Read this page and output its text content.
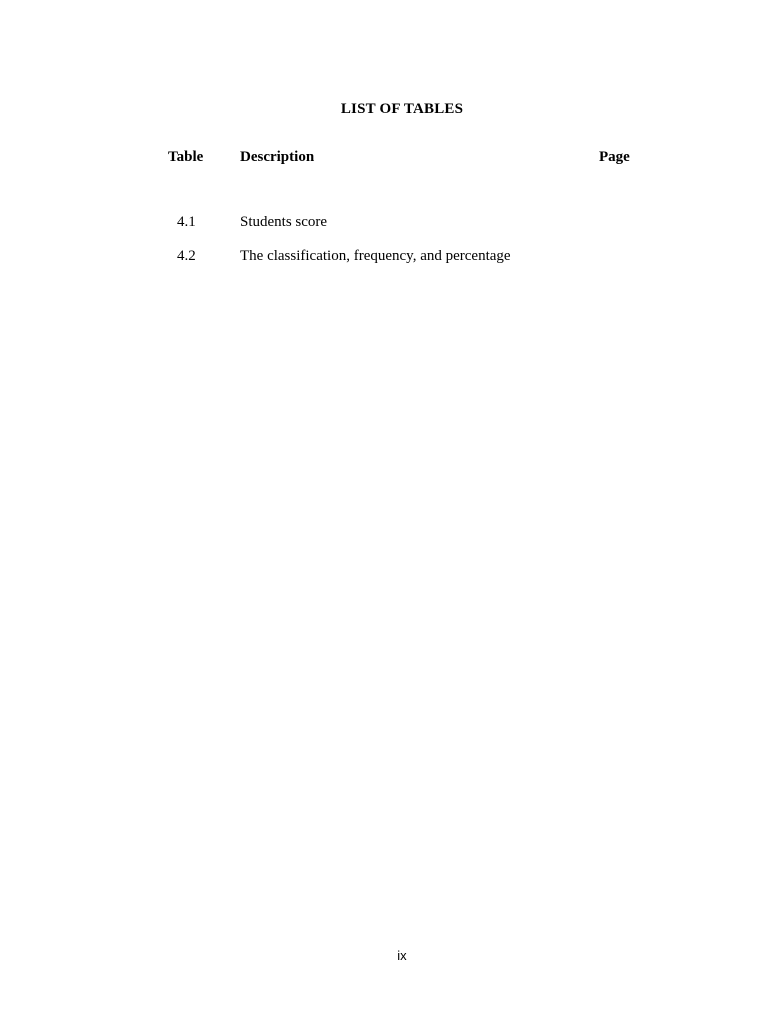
LIST OF TABLES
Table Description	Page
4.1	Students score
4.2	The classification, frequency, and percentage
ix
